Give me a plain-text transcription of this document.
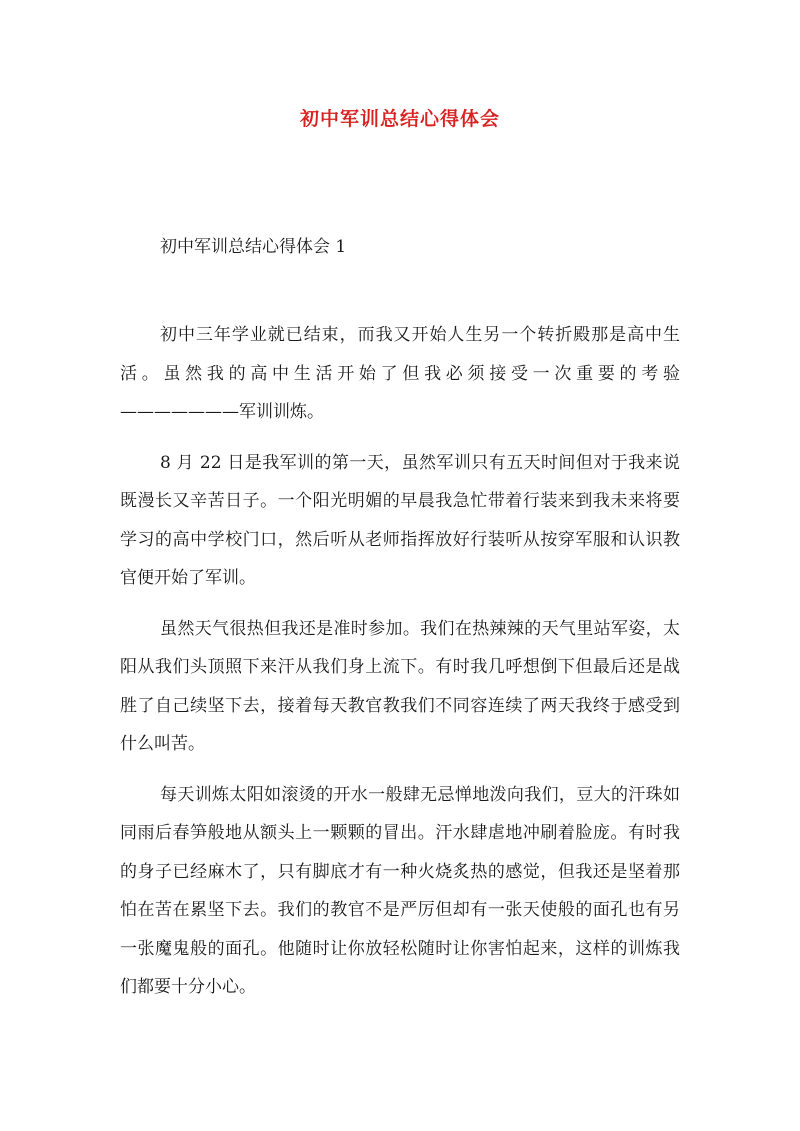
初中军训总结心得体会
初中军训总结心得体会 1

初中三年学业就已结束，而我又开始人生另一个转折殿那是高中生活。虽然我的高中生活开始了但我必须接受一次重要的考验———————军训训炼。

8 月 22 日是我军训的第一天，虽然军训只有五天时间但对于我来说既漫长又辛苦日子。一个阳光明媚的早晨我急忙带着行装来到我未来将要学习的高中学校门口，然后听从老师指挥放好行装听从按穿军服和认识教官便开始了军训。

虽然天气很热但我还是准时参加。我们在热辣辣的天气里站军姿，太阳从我们头顶照下来汗从我们身上流下。有时我几呼想倒下但最后还是战胜了自己续坚下去，接着每天教官教我们不同容连续了两天我终于感受到什么叫苦。

每天训炼太阳如滚烫的开水一般肆无忌惮地泼向我们，豆大的汗珠如同雨后春笋般地从额头上一颗颗的冒出。汗水肆虐地冲刷着脸庞。有时我的身子已经麻木了，只有脚底才有一种火烧炙热的感觉，但我还是坚着那怕在苦在累坚下去。我们的教官不是严厉但却有一张天使般的面孔也有另一张魔鬼般的面孔。他随时让你放轻松随时让你害怕起来，这样的训炼我们都要十分小心。
